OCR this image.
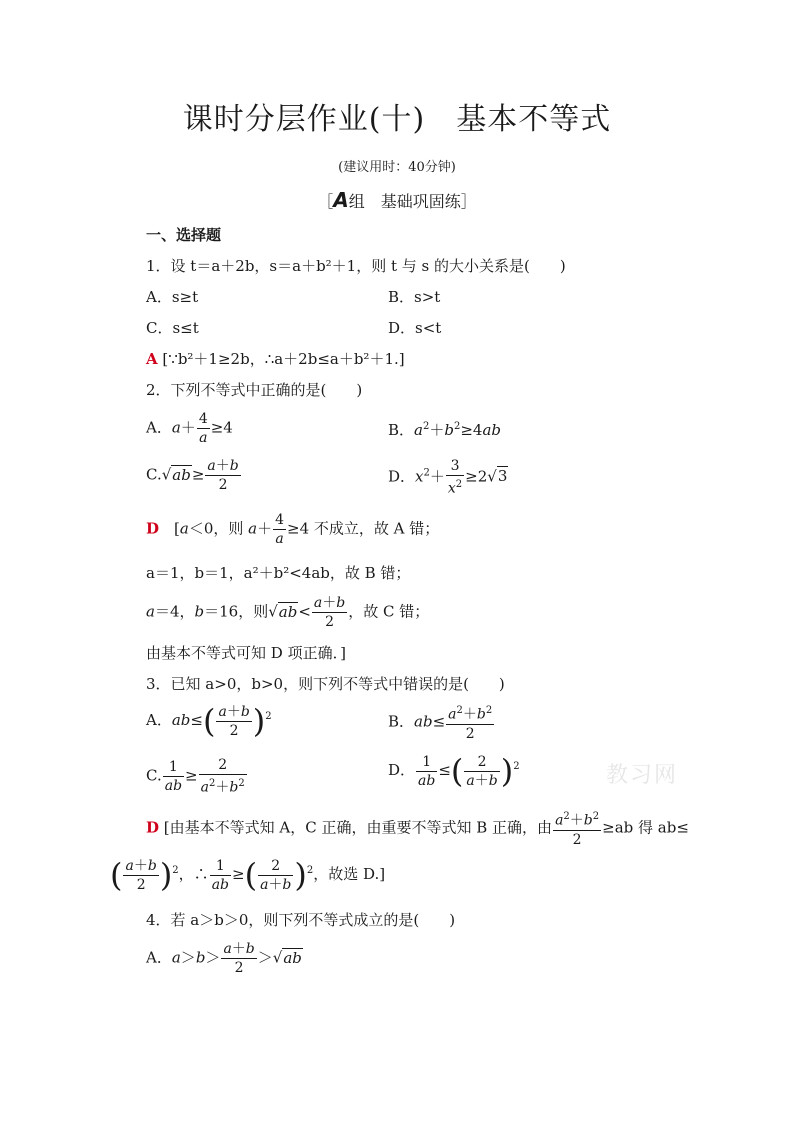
课时分层作业(十)　基本不等式
(建议用时：40分钟)
［A组　基础巩固练］
一、选择题
1．设 t＝a＋2b，s＝a＋b²＋1，则 t 与 s 的大小关系是(　　)
A．s≥t	B．s>t
C．s≤t	D．s<t
A [∵b²＋1≥2b，∴a＋2b≤a＋b²＋1.]
2．下列不等式中正确的是(　　)
A．$a+ \frac{4}{a} \ge 4$	B．$a^2+b^2\ge 4ab$
$C.√ab\ge \frac{a+b}{2}$	D．$x^2+ \frac{3}{x^2} \ge 2√3$
D　[a＜0，则 $a+ \frac{4}{a} \ge 4$ 不成立，故 A 错；
a＝1，b＝1，a²＋b²<4ab，故 B 错；
a＝4，b＝16，则$√ab< \frac{a+b}{2}$ ，故 C 错；
由基本不等式可知 D 项正确．]
3．已知 a>0，b>0，则下列不等式中错误的是(　　)
A．$ab\le( \frac{a+b}{2} )^2$	B．$ab\le \frac{a^2+b^2}{2}$
C. $\frac{1}{ab} \ge \frac{2}{a^2+b^2}$	D． $\frac{1}{ab}$ ≤( $\frac{2}{a+b} )^2$
D [由基本不等式知 A，C 正确，由重要不等式知 B 正确，由 $\frac{a^2+b^2}{2} \ge ab$ 得 ab≤
( $\frac{a+b}{2} )^2$，∴ $\frac{1}{ab}$ ≥( $\frac{2}{a+b} )^2$，故选 D.]
4．若 a＞b＞0，则下列不等式成立的是(　　)
A．$a>b> \frac{a+b}{2} >√ab$
教习网
